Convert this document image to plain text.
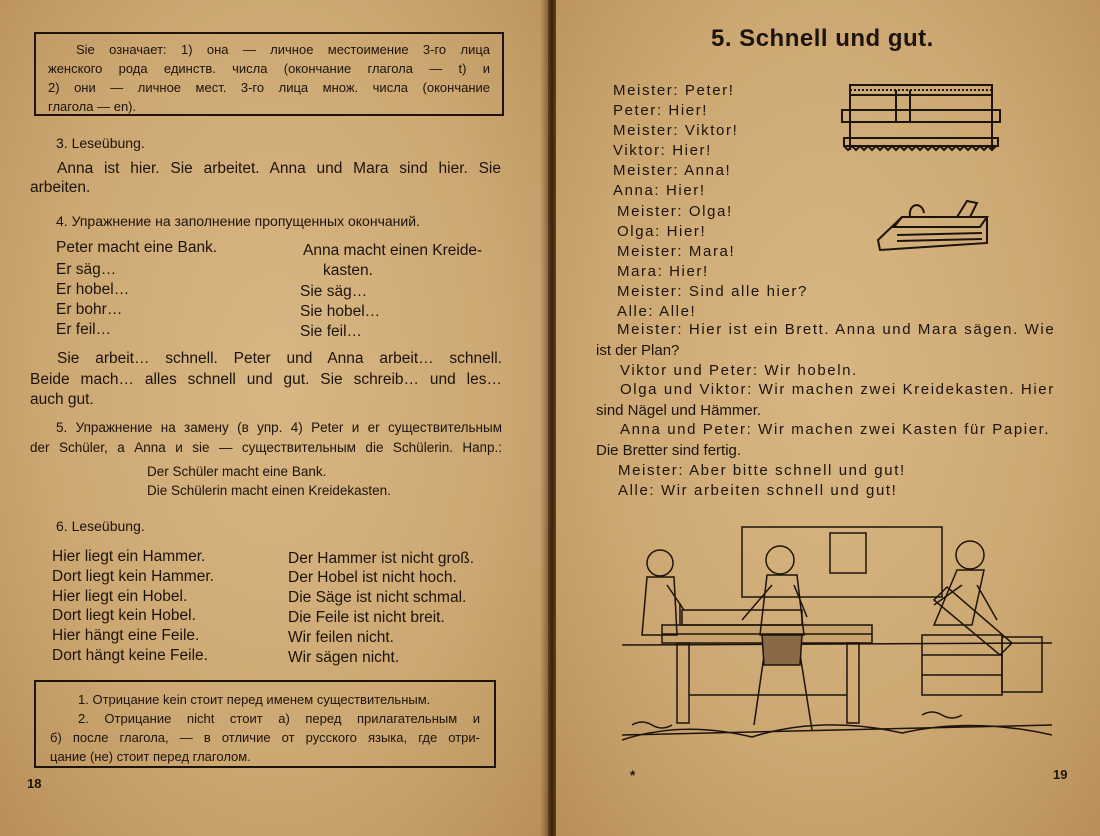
Sie означает: 1) она — личное местоимение 3-го лица

женского рода единств. числа (окончание глагола — t) и

2) они — личное мест. 3-го лица множ. числа (окончание

глагола — en).

3. Leseübung.
Anna ist hier. Sie arbeitet. Anna und Mara sind hier. Sie
arbeiten.
4. Упражнение на заполнение пропущенных окончаний.
Peter macht eine Bank.
Er säg…
Er hobel…
Er bohr…
Er feil…
Anna macht einen Kreide-
kasten.
Sie säg…
Sie hobel…
Sie feil…
Sie arbeit… schnell. Peter und Anna arbeit… schnell.
Beide mach… alles schnell und gut. Sie schreib… und les…
auch gut.
5. Упражнение на замену (в упр. 4) Peter и er существительным
der Schüler, а Anna и sie — существительным die Schülerin. Напр.:
Der Schüler macht eine Bank.
Die Schülerin macht einen Kreidekasten.
6. Leseübung.
Hier liegt ein Hammer.
Dort liegt kein Hammer.
Hier liegt ein Hobel.
Dort liegt kein Hobel.
Hier hängt eine Feile.
Dort hängt keine Feile.
Der Hammer ist nicht groß.
Der Hobel ist nicht hoch.
Die Säge ist nicht schmal.
Die Feile ist nicht breit.
Wir feilen nicht.
Wir sägen nicht.

1. Отрицание kein стоит перед именем существительным.

2. Отрицание nicht стоит а) перед прилагательным и

б) после глагола, — в отличие от русского языка, где отри-

цание (не) стоит перед глаголом.

18
5. Schnell und gut.
Meister: Peter!
Peter: Hier!
Meister: Viktor!
Viktor: Hier!
Meister: Anna!
Anna: Hier!
Meister: Olga!
Olga: Hier!
Meister: Mara!
Mara: Hier!
Meister: Sind alle hier?
Alle: Alle!
Meister: Hier ist ein Brett. Anna und Mara sägen. Wie
ist der Plan?
Viktor und Peter: Wir hobeln.
Olga und Viktor: Wir machen zwei Kreidekasten. Hier
sind Nägel und Hämmer.
Anna und Peter: Wir machen zwei Kasten für Papier.
Die Bretter sind fertig.
Meister: Aber bitte schnell und gut!
Alle: Wir arbeiten schnell und gut!
*	19
